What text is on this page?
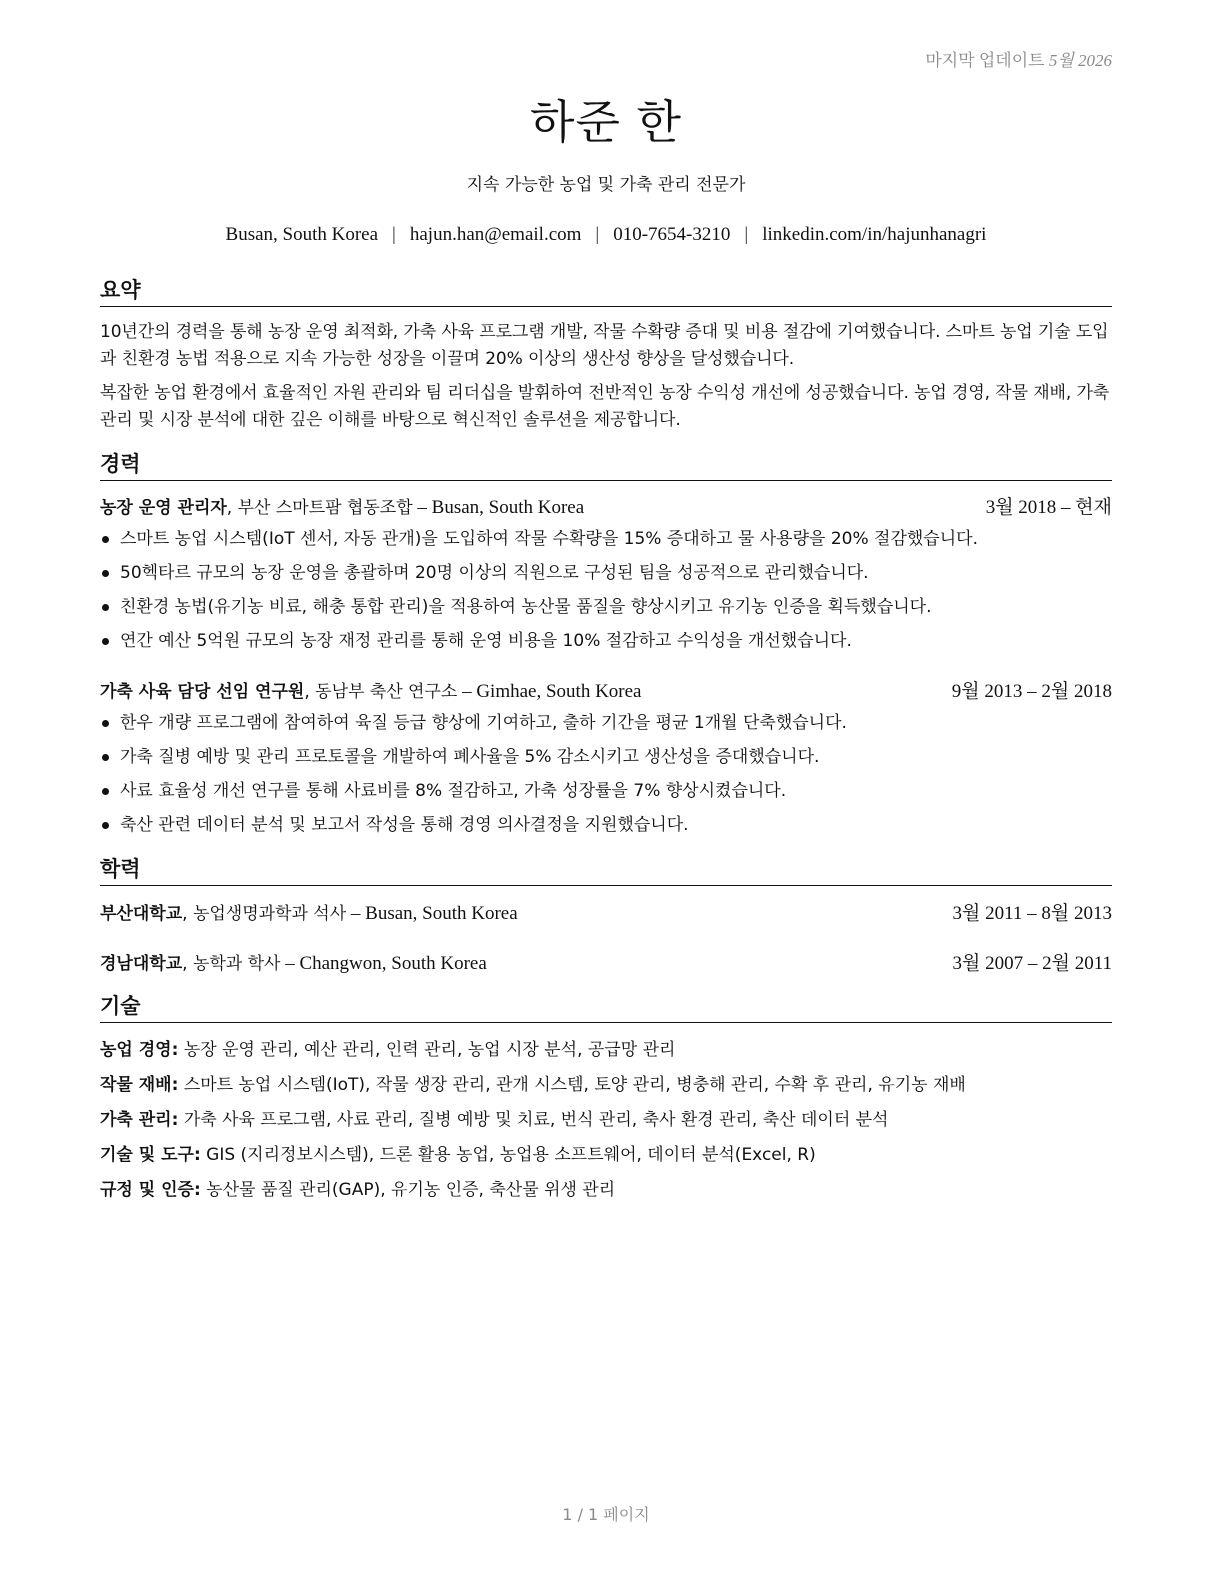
마지막 업데이트 5월 2026
하준 한
지속 가능한 농업 및 가축 관리 전문가
Busan, South Korea | hajun.han@email.com | 010-7654-3210 | linkedin.com/in/hajunhanagri
요약

10년간의 경력을 통해 농장 운영 최적화, 가축 사육 프로그램 개발, 작물 수확량 증대 및 비용 절감에 기여했습니다. 스마트 농업 기술 도입과 친환경 농법 적용으로 지속 가능한 성장을 이끌며 20% 이상의 생산성 향상을 달성했습니다.

복잡한 농업 환경에서 효율적인 자원 관리와 팀 리더십을 발휘하여 전반적인 농장 수익성 개선에 성공했습니다. 농업 경영, 작물 재배, 가축 관리 및 시장 분석에 대한 깊은 이해를 바탕으로 혁신적인 솔루션을 제공합니다.

경력
농장 운영 관리자, 부산 스마트팜 협동조합 – Busan, South Korea	3월 2018 – 현재
스마트 농업 시스템(IoT 센서, 자동 관개)을 도입하여 작물 수확량을 15% 증대하고 물 사용량을 20% 절감했습니다.
50헥타르 규모의 농장 운영을 총괄하며 20명 이상의 직원으로 구성된 팀을 성공적으로 관리했습니다.
친환경 농법(유기농 비료, 해충 통합 관리)을 적용하여 농산물 품질을 향상시키고 유기농 인증을 획득했습니다.
연간 예산 5억원 규모의 농장 재정 관리를 통해 운영 비용을 10% 절감하고 수익성을 개선했습니다.
가축 사육 담당 선임 연구원, 동남부 축산 연구소 – Gimhae, South Korea	9월 2013 – 2월 2018
한우 개량 프로그램에 참여하여 육질 등급 향상에 기여하고, 출하 기간을 평균 1개월 단축했습니다.
가축 질병 예방 및 관리 프로토콜을 개발하여 폐사율을 5% 감소시키고 생산성을 증대했습니다.
사료 효율성 개선 연구를 통해 사료비를 8% 절감하고, 가축 성장률을 7% 향상시켰습니다.
축산 관련 데이터 분석 및 보고서 작성을 통해 경영 의사결정을 지원했습니다.
학력
부산대학교, 농업생명과학과 석사 – Busan, South Korea	3월 2011 – 8월 2013
경남대학교, 농학과 학사 – Changwon, South Korea	3월 2007 – 2월 2011
기술
농업 경영: 농장 운영 관리, 예산 관리, 인력 관리, 농업 시장 분석, 공급망 관리
작물 재배: 스마트 농업 시스템(IoT), 작물 생장 관리, 관개 시스템, 토양 관리, 병충해 관리, 수확 후 관리, 유기농 재배
가축 관리: 가축 사육 프로그램, 사료 관리, 질병 예방 및 치료, 번식 관리, 축사 환경 관리, 축산 데이터 분석
기술 및 도구: GIS (지리정보시스템), 드론 활용 농업, 농업용 소프트웨어, 데이터 분석(Excel, R)
규정 및 인증: 농산물 품질 관리(GAP), 유기농 인증, 축산물 위생 관리
1 / 1 페이지
